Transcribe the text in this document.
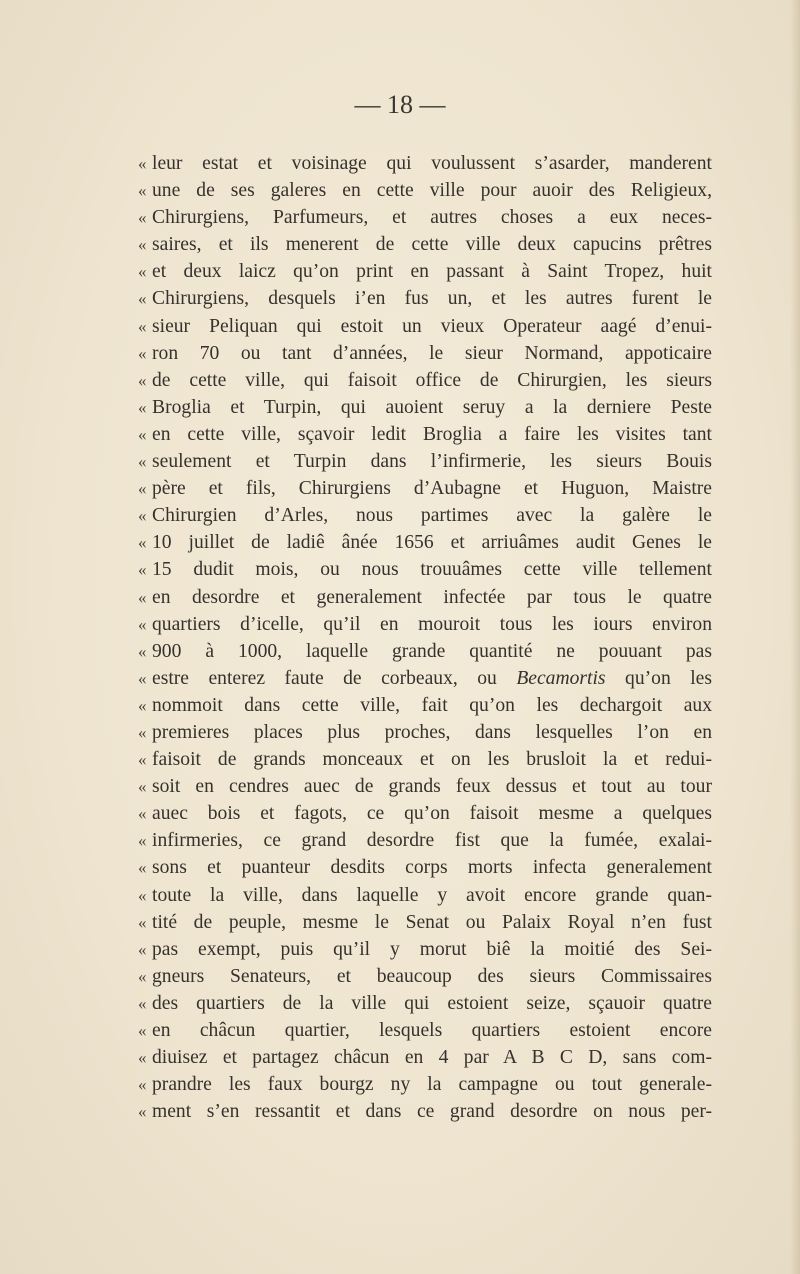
— 18 —
« leur estat et voisinage qui voulussent s’asarder, manderent
« une de ses galeres en cette ville pour auoir des Religieux,
« Chirurgiens, Parfumeurs, et autres choses a eux neces-
« saires, et ils menerent de cette ville deux capucins prêtres
« et deux laicz qu’on print en passant à Saint Tropez, huit
« Chirurgiens, desquels i’en fus un, et les autres furent le
« sieur Peliquan qui estoit un vieux Operateur aagé d’enui-
« ron 70 ou tant d’années, le sieur Normand, appoticaire
« de cette ville, qui faisoit office de Chirurgien, les sieurs
« Broglia et Turpin, qui auoient seruy a la derniere Peste
« en cette ville, sçavoir ledit Broglia a faire les visites tant
« seulement et Turpin dans l’infirmerie, les sieurs Bouis
« père et fils, Chirurgiens d’Aubagne et Huguon, Maistre
« Chirurgien d’Arles, nous partimes avec la galère le
« 10 juillet de ladiê ânée 1656 et arriuâmes audit Genes le
« 15 dudit mois, ou nous trouuâmes cette ville tellement
« en desordre et generalement infectée par tous le quatre
« quartiers d’icelle, qu’il en mouroit tous les iours environ
« 900 à 1000, laquelle grande quantité ne pouuant pas
« estre enterez faute de corbeaux, ou Becamortis qu’on les
« nommoit dans cette ville, fait qu’on les dechargoit aux
« premieres places plus proches, dans lesquelles l’on en
« faisoit de grands monceaux et on les brusloit la et redui-
« soit en cendres auec de grands feux dessus et tout au tour
« auec bois et fagots, ce qu’on faisoit mesme a quelques
« infirmeries, ce grand desordre fist que la fumée, exalai-
« sons et puanteur desdits corps morts infecta generalement
« toute la ville, dans laquelle y avoit encore grande quan-
« tité de peuple, mesme le Senat ou Palaix Royal n’en fust
« pas exempt, puis qu’il y morut biê la moitié des Sei-
« gneurs Senateurs, et beaucoup des sieurs Commissaires
« des quartiers de la ville qui estoient seize, sçauoir quatre
« en châcun quartier, lesquels quartiers estoient encore
« diuisez et partagez châcun en 4 par A B C D, sans com-
« prandre les faux bourgz ny la campagne ou tout generale-
« ment s’en ressantit et dans ce grand desordre on nous per-
